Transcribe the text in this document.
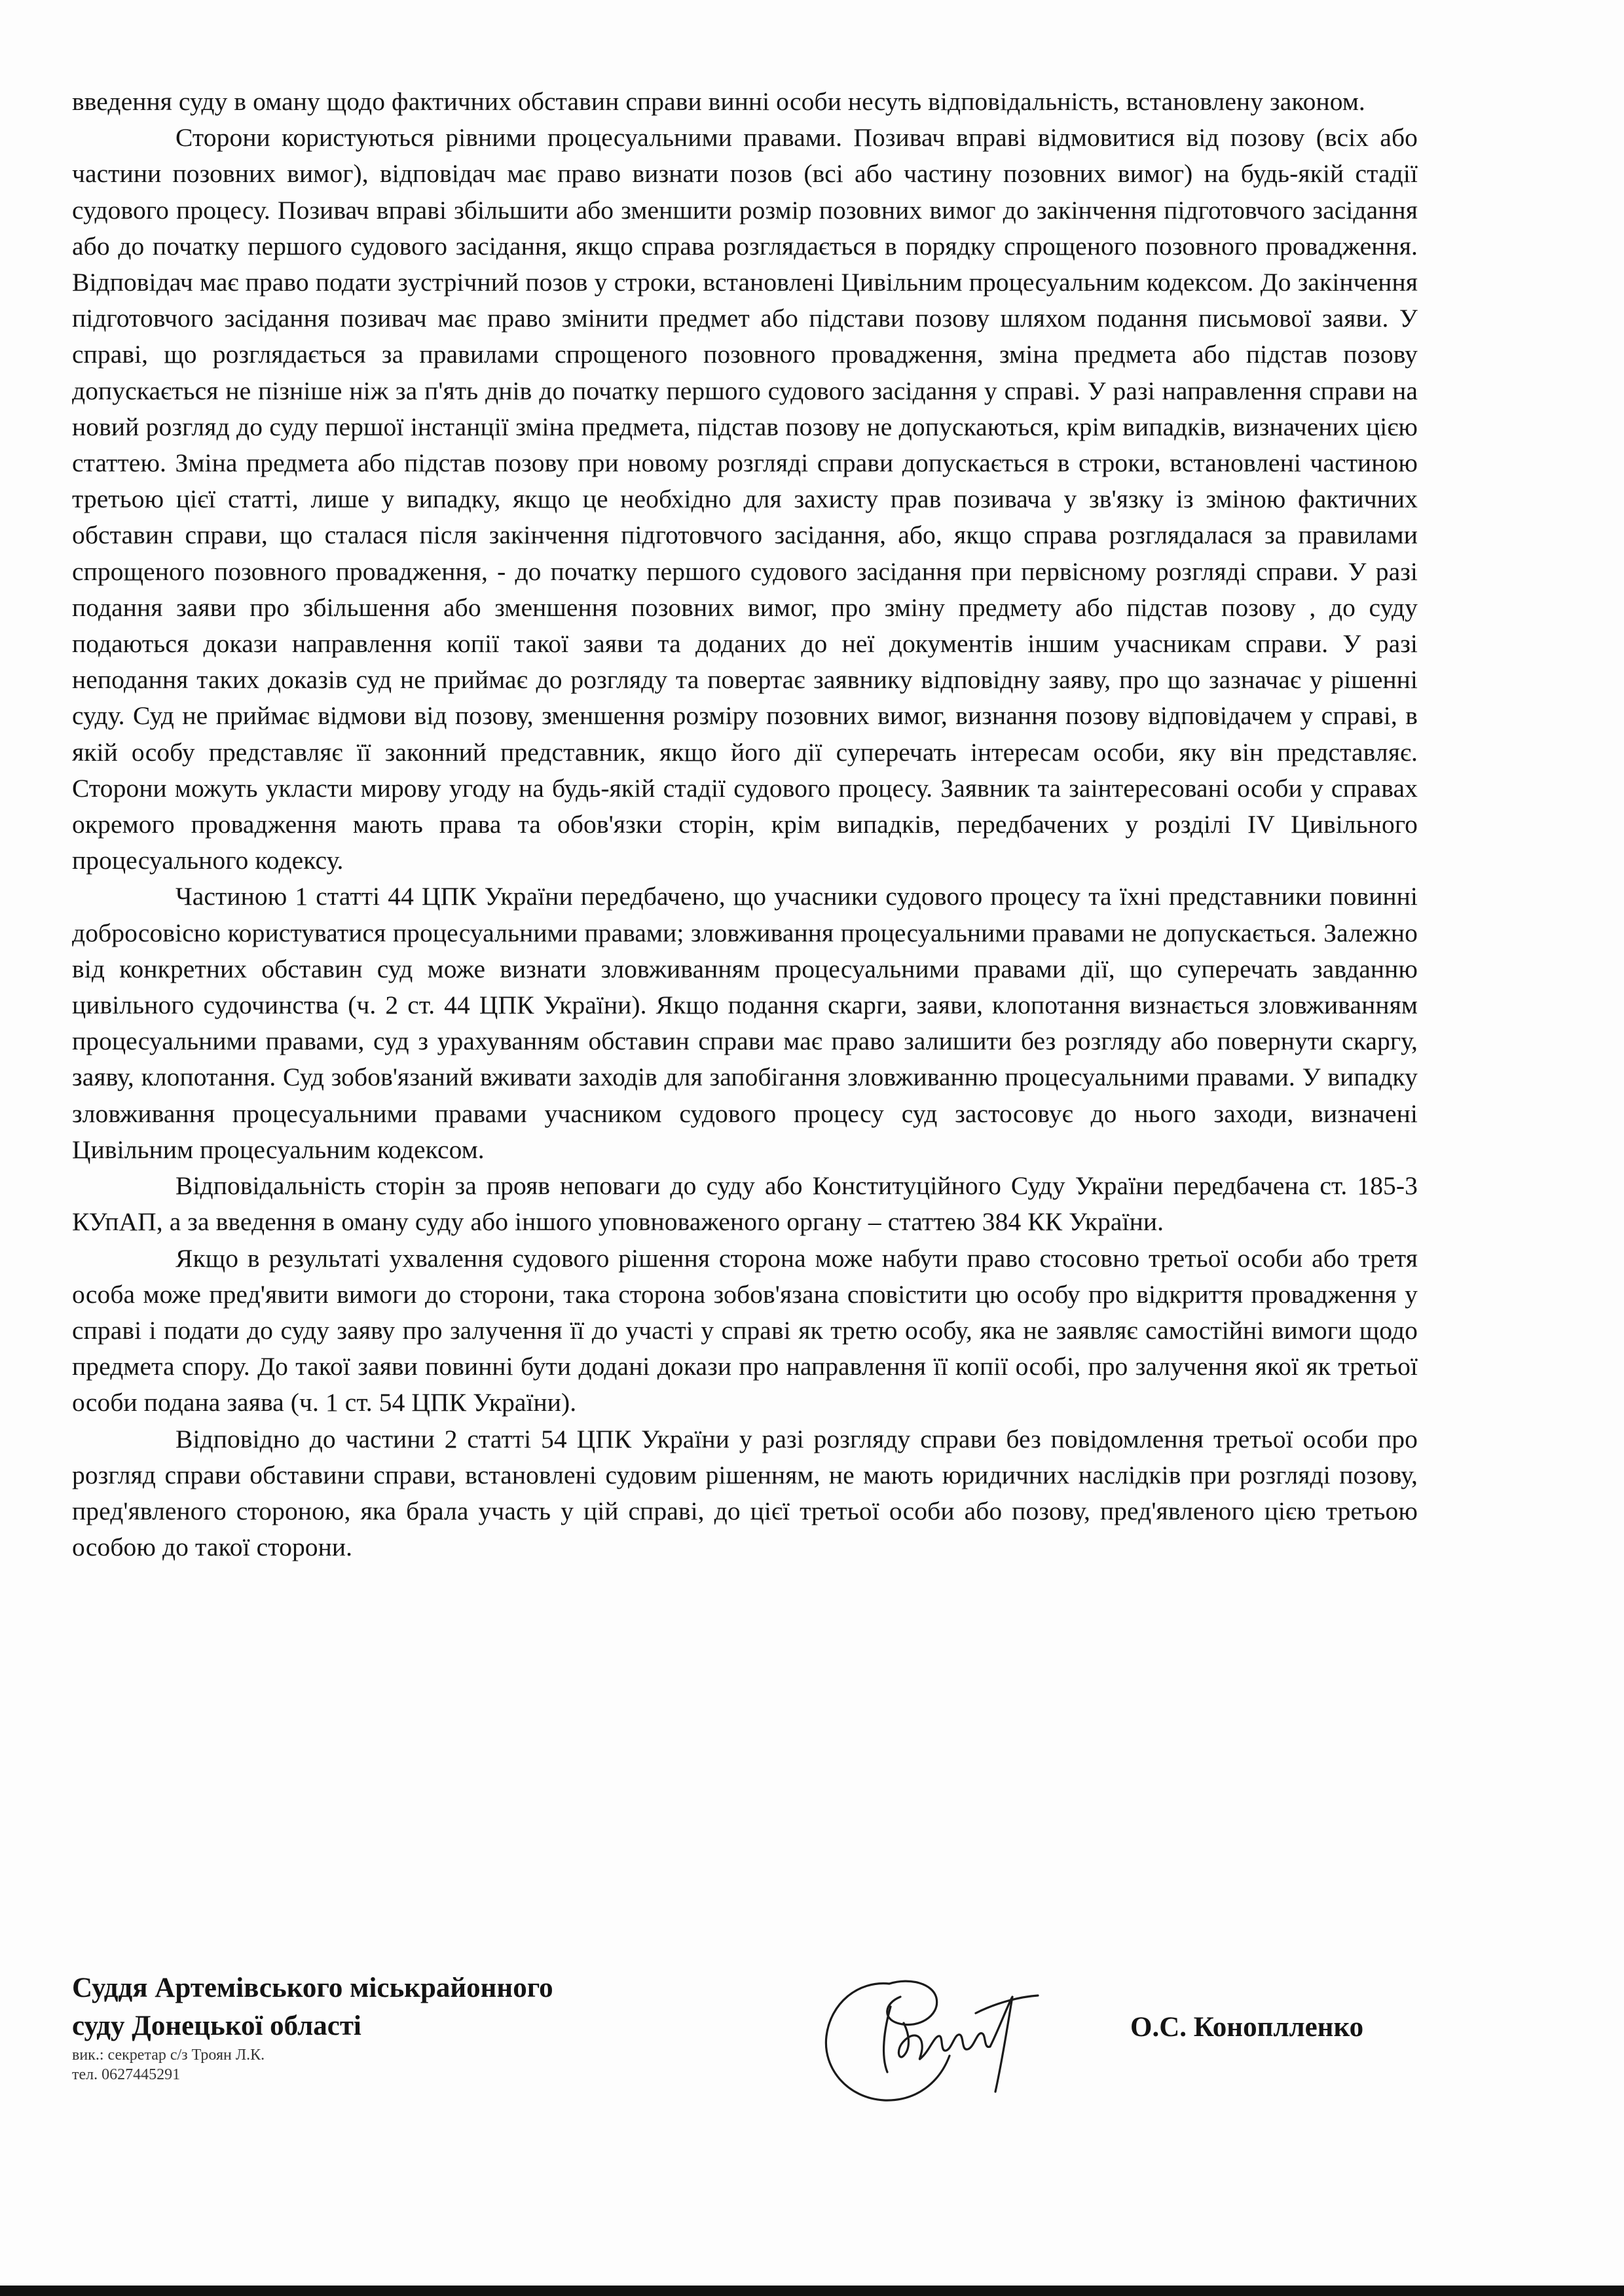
введення суду в оману щодо фактичних обставин справи винні особи несуть відповідальність, встановлену законом.

Сторони користуються рівними процесуальними правами. Позивач вправі відмовитися від позову (всіх або частини позовних вимог), відповідач має право визнати позов (всі або частину позовних вимог) на будь-якій стадії судового процесу. Позивач вправі збільшити або зменшити розмір позовних вимог до закінчення підготовчого засідання або до початку першого судового засідання, якщо справа розглядається в порядку спрощеного позовного провадження. Відповідач має право подати зустрічний позов у строки, встановлені Цивільним процесуальним кодексом. До закінчення підготовчого засідання позивач має право змінити предмет або підстави позову шляхом подання письмової заяви. У справі, що розглядається за правилами спрощеного позовного провадження, зміна предмета або підстав позову допускається не пізніше ніж за п'ять днів до початку першого судового засідання у справі. У разі направлення справи на новий розгляд до суду першої інстанції зміна предмета, підстав позову не допускаються, крім випадків, визначених цією статтею. Зміна предмета або підстав позову при новому розгляді справи допускається в строки, встановлені частиною третьою цієї статті, лише у випадку, якщо це необхідно для захисту прав позивача у зв'язку із зміною фактичних обставин справи, що сталася після закінчення підготовчого засідання, або, якщо справа розглядалася за правилами спрощеного позовного провадження, - до початку першого судового засідання при первісному розгляді справи. У разі подання заяви про збільшення або зменшення позовних вимог, про зміну предмету або підстав позову , до суду подаються докази направлення копії такої заяви та доданих до неї документів іншим учасникам справи. У разі неподання таких доказів суд не приймає до розгляду та повертає заявнику відповідну заяву, про що зазначає у рішенні суду. Суд не приймає відмови від позову, зменшення розміру позовних вимог, визнання позову відповідачем у справі, в якій особу представляє її законний представник, якщо його дії суперечать інтересам особи, яку він представляє. Сторони можуть укласти мирову угоду на будь-якій стадії судового процесу. Заявник та заінтересовані особи у справах окремого провадження мають права та обов'язки сторін, крім випадків, передбачених у розділі IV Цивільного процесуального кодексу.

Частиною 1 статті 44 ЦПК України передбачено, що учасники судового процесу та їхні представники повинні добросовісно користуватися процесуальними правами; зловживання процесуальними правами не допускається. Залежно від конкретних обставин суд може визнати зловживанням процесуальними правами дії, що суперечать завданню цивільного судочинства (ч. 2 ст. 44 ЦПК України). Якщо подання скарги, заяви, клопотання визнається зловживанням процесуальними правами, суд з урахуванням обставин справи має право залишити без розгляду або повернути скаргу, заяву, клопотання. Суд зобов'язаний вживати заходів для запобігання зловживанню процесуальними правами. У випадку зловживання процесуальними правами учасником судового процесу суд застосовує до нього заходи, визначені Цивільним процесуальним кодексом.

Відповідальність сторін за прояв неповаги до суду або Конституційного Суду України передбачена ст. 185-3 КУпАП, а за введення в оману суду або іншого уповноваженого органу – статтею 384 КК України.

Якщо в результаті ухвалення судового рішення сторона може набути право стосовно третьої особи або третя особа може пред'явити вимоги до сторони, така сторона зобов'язана сповістити цю особу про відкриття провадження у справі і подати до суду заяву про залучення її до участі у справі як третю особу, яка не заявляє самостійні вимоги щодо предмета спору. До такої заяви повинні бути додані докази про направлення її копії особі, про залучення якої як третьої особи подана заява (ч. 1 ст. 54 ЦПК України).

Відповідно до частини 2 статті 54 ЦПК України у разі розгляду справи без повідомлення третьої особи про розгляд справи обставини справи, встановлені судовим рішенням, не мають юридичних наслідків при розгляді позову, пред'явленого стороною, яка брала участь у цій справі, до цієї третьої особи або позову, пред'явленого цією третьою особою до такої сторони.

Суддя Артемівського міськрайонного

суду Донецької області

вик.: секретар с/з Троян Л.К.

тел. 0627445291

О.С. Коноплленко
